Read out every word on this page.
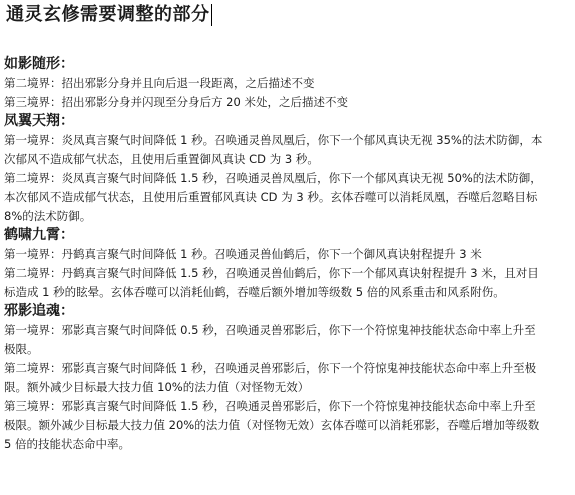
通灵玄修需要调整的部分

如影随形：

第二境界：招出邪影分身并且向后退一段距离，之后描述不变

第三境界：招出邪影分身并闪现至分身后方 20 米处，之后描述不变

凤翼天翔：

第一境界：炎凤真言聚气时间降低 1 秒。召唤通灵兽凤凰后，你下一个郁风真诀无视 35%的法术防御，本

次郁风不造成郁气状态，且使用后重置御风真诀 CD 为 3 秒。

第二境界：炎凤真言聚气时间降低 1.5 秒，召唤通灵兽凤凰后，你下一个郁风真诀无视 50%的法术防御，

本次郁风不造成郁气状态，且使用后重置郁风真诀 CD 为 3 秒。玄体吞噬可以消耗凤凰，吞噬后忽略目标

8%的法术防御。

鹤啸九霄：

第一境界：丹鹤真言聚气时间降低 1 秒。召唤通灵兽仙鹤后，你下一个御风真诀射程提升 3 米

第二境界：丹鹤真言聚气时间降低 1.5 秒，召唤通灵兽仙鹤后，你下一个郁风真诀射程提升 3 米，且对目

标造成 1 秒的眩晕。玄体吞噬可以消耗仙鹤，吞噬后额外增加等级数 5 倍的风系重击和风系附伤。

邪影追魂：

第一境界：邪影真言聚气时间降低 0.5 秒，召唤通灵兽邪影后，你下一个符惊鬼神技能状态命中率上升至

极限。

第二境界：邪影真言聚气时间降低 1 秒，召唤通灵兽邪影后，你下一个符惊鬼神技能状态命中率上升至极

限。额外减少目标最大技力值 10%的法力值（对怪物无效）

第三境界：邪影真言聚气时间降低 1.5 秒，召唤通灵兽邪影后，你下一个符惊鬼神技能状态命中率上升至

极限。额外减少目标最大技力值 20%的法力值（对怪物无效）玄体吞噬可以消耗邪影，吞噬后增加等级数

5 倍的技能状态命中率。
